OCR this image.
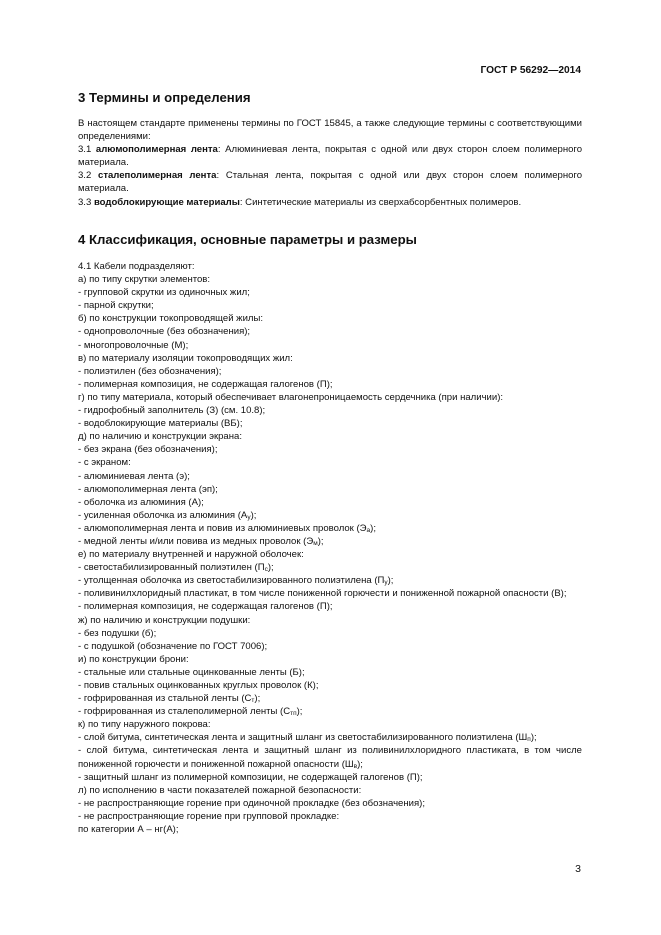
ГОСТ Р 56292—2014
3 Термины и определения

В настоящем стандарте применены термины по ГОСТ 15845, а также следующие термины с соответствующими определениями:

3.1 алюмополимерная лента: Алюминиевая лента, покрытая с одной или двух сторон слоем полимерного материала.

3.2 сталеполимерная лента: Стальная лента, покрытая с одной или двух сторон слоем полимерного материала.

3.3 водоблокирующие материалы: Синтетические материалы из сверхабсорбентных полимеров.

4 Классификация, основные параметры и размеры

4.1 Кабели подразделяют:

а) по типу скрутки элементов:

- групповой скрутки из одиночных жил;

- парной скрутки;

б) по конструкции токопроводящей жилы:

- однопроволочные (без обозначения);

- многопроволочные (М);

в) по материалу изоляции токопроводящих жил:

- полиэтилен (без обозначения);

- полимерная композиция, не содержащая галогенов (П);

г) по типу материала, который обеспечивает влагонепроницаемость сердечника (при наличии):

- гидрофобный заполнитель (З) (см. 10.8);

- водоблокирующие материалы (ВБ);

д) по наличию и конструкции экрана:

- без экрана (без обозначения);

- с экраном:

- алюминиевая лента (э);

- алюмополимерная лента (эп);

- оболочка из алюминия (А);

- усиленная оболочка из алюминия $(А_у)$;

- алюмополимерная лента и повив из алюминиевых проволок $(Э_а)$;

- медной ленты и/или повива из медных проволок $(Э_м)$;

е) по материалу внутренней и наружной оболочек:

- светостабилизированный полиэтилен $(П_с)$;

- утолщенная оболочка из светостабилизированного полиэтилена $(П_у)$;

- поливинилхлоридный пластикат, в том числе пониженной горючести и пониженной пожарной опасности (В);

- полимерная композиция, не содержащая галогенов (П);

ж) по наличию и конструкции подушки:

- без подушки (б);

- с подушкой (обозначение по ГОСТ 7006);

и) по конструкции брони:

- стальные или стальные оцинкованные ленты (Б);

- повив стальных оцинкованных круглых проволок (К);

- гофрированная из стальной ленты $(С_т)$;

- гофрированная из сталеполимерной ленты $(С_{тп})$;

к) по типу наружного покрова:

- слой битума, синтетическая лента и защитный шланг из светостабилизированного полиэтилена $(Ш_п)$;

- слой битума, синтетическая лента и защитный шланг из поливинилхлоридного пластиката, в том числе пониженной горючести и пониженной пожарной опасности $(Ш_в)$;

- защитный шланг из полимерной композиции, не содержащей галогенов (П);

л) по исполнению в части показателей пожарной безопасности:

- не распространяющие горение при одиночной прокладке (без обозначения);

- не распространяющие горение при групповой прокладке:

по категории А – нг(А);

3
